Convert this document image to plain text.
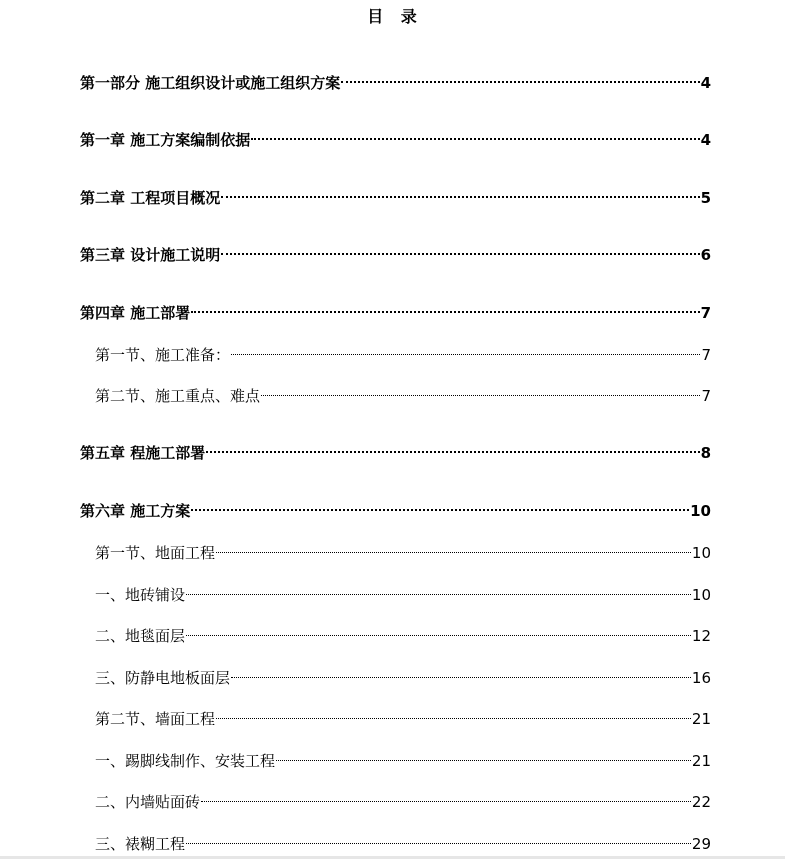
目 录
第一部分 施工组织设计或施工组织方案	4
第一章 施工方案编制依据	4
第二章 工程项目概况	5
第三章 设计施工说明	6
第四章 施工部署	7
第一节、施工准备：	7
第二节、施工重点、难点	7
第五章 程施工部署	8
第六章 施工方案	10
第一节、地面工程	10
一、地砖铺设	10
二、地毯面层	12
三、防静电地板面层	16
第二节、墙面工程	21
一、踢脚线制作、安装工程	21
二、内墙贴面砖	22
三、裱糊工程	29
